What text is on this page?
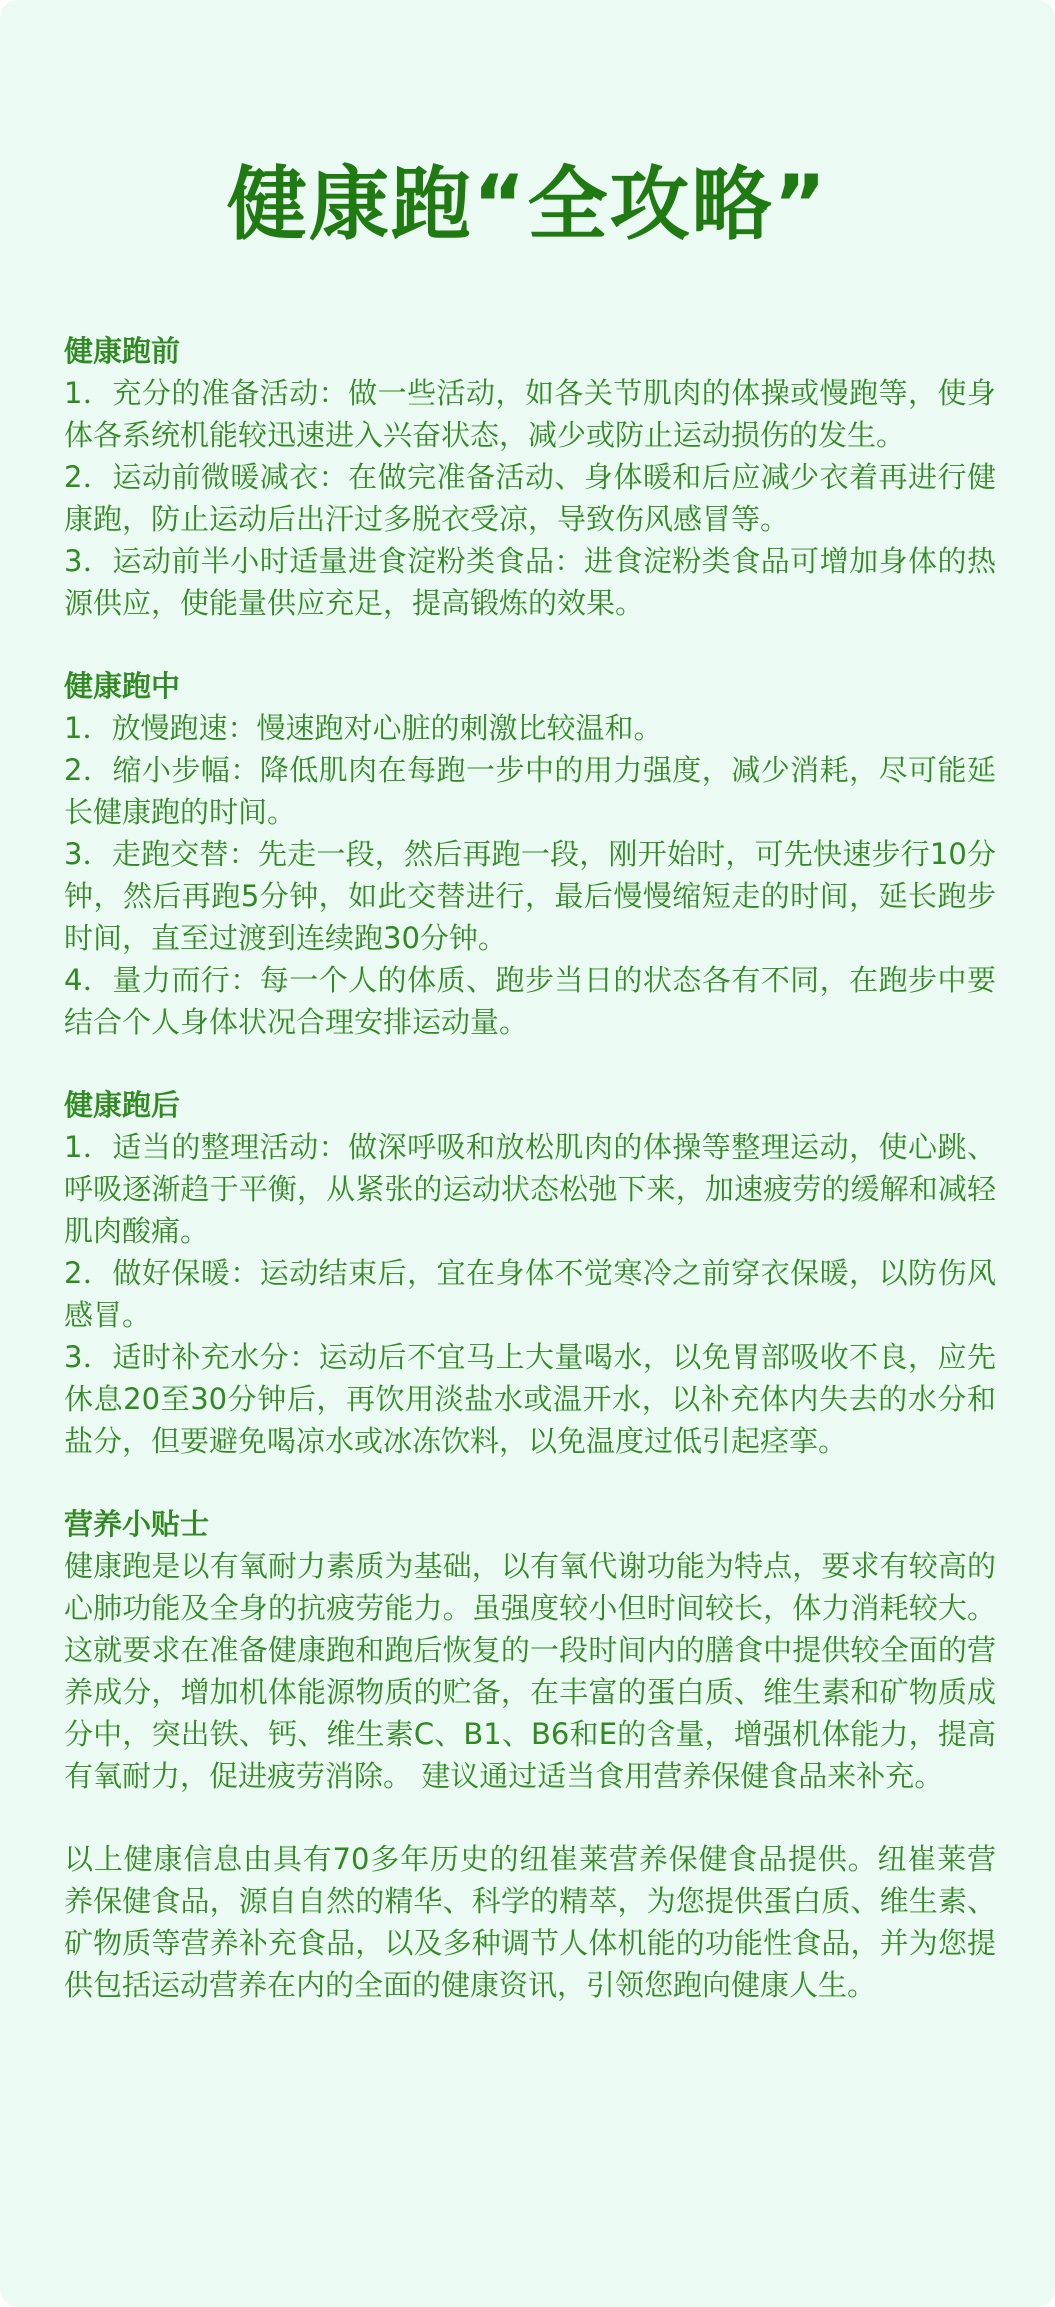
健康跑“全攻略”

健康跑前

1．充分的准备活动：做一些活动，如各关节肌肉的体操或慢跑等，使身体各系统机能较迅速进入兴奋状态，减少或防止运动损伤的发生。

2．运动前微暖减衣：在做完准备活动、身体暖和后应减少衣着再进行健康跑，防止运动后出汗过多脱衣受凉，导致伤风感冒等。

3．运动前半小时适量进食淀粉类食品：进食淀粉类食品可增加身体的热源供应，使能量供应充足，提高锻炼的效果。

健康跑中

1．放慢跑速：慢速跑对心脏的刺激比较温和。

2．缩小步幅：降低肌肉在每跑一步中的用力强度，减少消耗，尽可能延长健康跑的时间。

3．走跑交替：先走一段，然后再跑一段，刚开始时，可先快速步行10分钟，然后再跑5分钟，如此交替进行，最后慢慢缩短走的时间，延长跑步时间，直至过渡到连续跑30分钟。

4．量力而行：每一个人的体质、跑步当日的状态各有不同，在跑步中要结合个人身体状况合理安排运动量。

健康跑后

1．适当的整理活动：做深呼吸和放松肌肉的体操等整理运动，使心跳、呼吸逐渐趋于平衡，从紧张的运动状态松弛下来，加速疲劳的缓解和减轻肌肉酸痛。

2．做好保暖：运动结束后，宜在身体不觉寒冷之前穿衣保暖，以防伤风感冒。

3．适时补充水分：运动后不宜马上大量喝水，以免胃部吸收不良，应先休息20至30分钟后，再饮用淡盐水或温开水，以补充体内失去的水分和盐分，但要避免喝凉水或冰冻饮料，以免温度过低引起痉挛。

营养小贴士

健康跑是以有氧耐力素质为基础，以有氧代谢功能为特点，要求有较高的心肺功能及全身的抗疲劳能力。虽强度较小但时间较长，体力消耗较大。这就要求在准备健康跑和跑后恢复的一段时间内的膳食中提供较全面的营养成分，增加机体能源物质的贮备，在丰富的蛋白质、维生素和矿物质成分中，突出铁、钙、维生素C、B1、B6和E的含量，增强机体能力，提高有氧耐力，促进疲劳消除。 建议通过适当食用营养保健食品来补充。

以上健康信息由具有70多年历史的纽崔莱营养保健食品提供。纽崔莱营养保健食品，源自自然的精华、科学的精萃，为您提供蛋白质、维生素、矿物质等营养补充食品，以及多种调节人体机能的功能性食品，并为您提供包括运动营养在内的全面的健康资讯，引领您跑向健康人生。
